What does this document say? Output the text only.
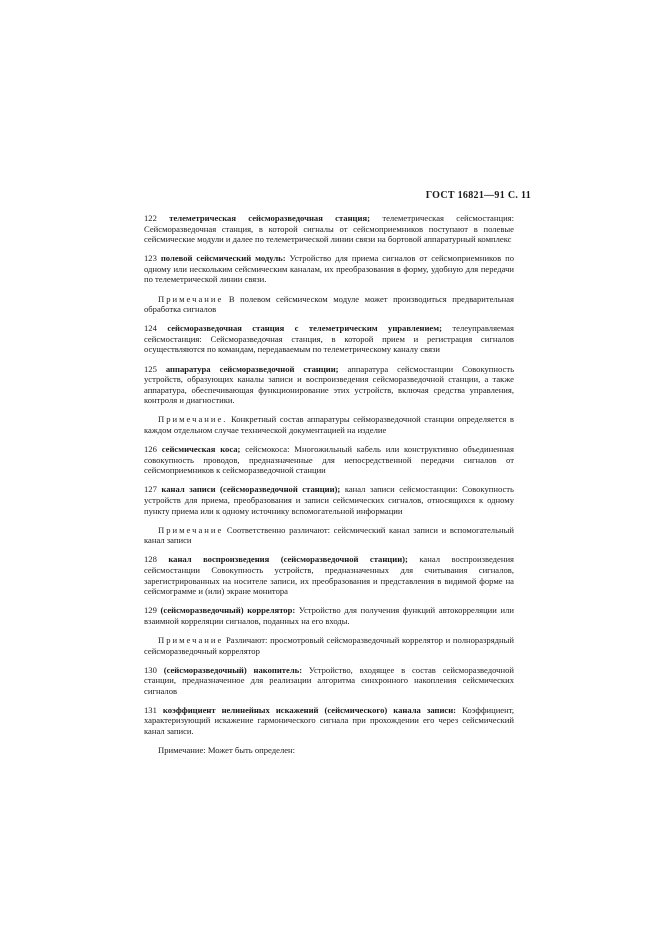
ГОСТ 16821—91 С. 11

122 телеметрическая сейсморазведочная станция; телеметрическая сейсмостанция: Сейсморазведочная станция, в которой сигналы от сейсмоприемников поступают в полевые сейсмические модули и далее по телеметрической линии связи на бортовой аппаратурный комплекс

123 полевой сейсмический модуль: Устройство для приема сигналов от сейсмоприемников по одному или нескольким сейсмическим каналам, их преобразования в форму, удобную для передачи по телеметрической линии связи.

Примечание В полевом сейсмическом модуле может производиться предварительная обработка сигналов

124 сейсморазведочная станция с телеметрическим управлением; телеуправляемая сейсмостанция: Сейсморазведочная станция, в которой прием и регистрация сигналов осуществляются по командам, передаваемым по телеметрическому каналу связи

125 аппаратура сейсморазведочной станции; аппаратура сейсмостанции Совокупность устройств, образующих каналы записи и воспроизведения сейсморазведочной станции, а также аппаратура, обеспечивающая функционирование этих устройств, включая средства управления, контроля и диагностики.

Примечание. Конкретный состав аппаратуры сейморазведочной станции определяется в каждом отдельном случае технической документацией на изделие

126 сейсмическая коса; сейсмокоса: Многожильный кабель или конструктивно объединенная совокупность проводов, предназначенные для непосредственной передачи сигналов от сейсмоприемников к сейсморазведочной станции

127 канал записи (сейсморазведочной станции); канал записи сейсмостанции: Совокупность устройств для приема, преобразования и записи сейсмических сигналов, относящихся к одному пункту приема или к одному источнику вспомогательной информации

Примечание Соответственно различают: сейсмический канал записи и вспомогательный канал записи

128 канал воспроизведения (сейсморазведочной станции); канал воспроизведения сейсмостанции Совокупность устройств, предназначенных для считывания сигналов, зарегистрированных на носителе записи, их преобразования и представления в видимой форме на сейсмограмме и (или) экране монитора

129 (сейсморазведочный) коррелятор: Устройство для получения функций автокорреляции или взаимной корреляции сигналов, поданных на его входы.

Примечание Различают: просмотровый сейсморазведочный коррелятор и полноразрядный сейсморазведочный коррелятор

130 (сейсморазведочный) накопитель: Устройство, входящее в состав сейсморазведочной станции, предназначенное для реализации алгоритма синхронного накопления сейсмических сигналов

131 коэффициент нелинейных искажений (сейсмического) канала записи: Коэффициент, характеризующий искажение гармонического сигнала при прохождении его через сейсмический канал записи.

Примечание: Может быть определен:
